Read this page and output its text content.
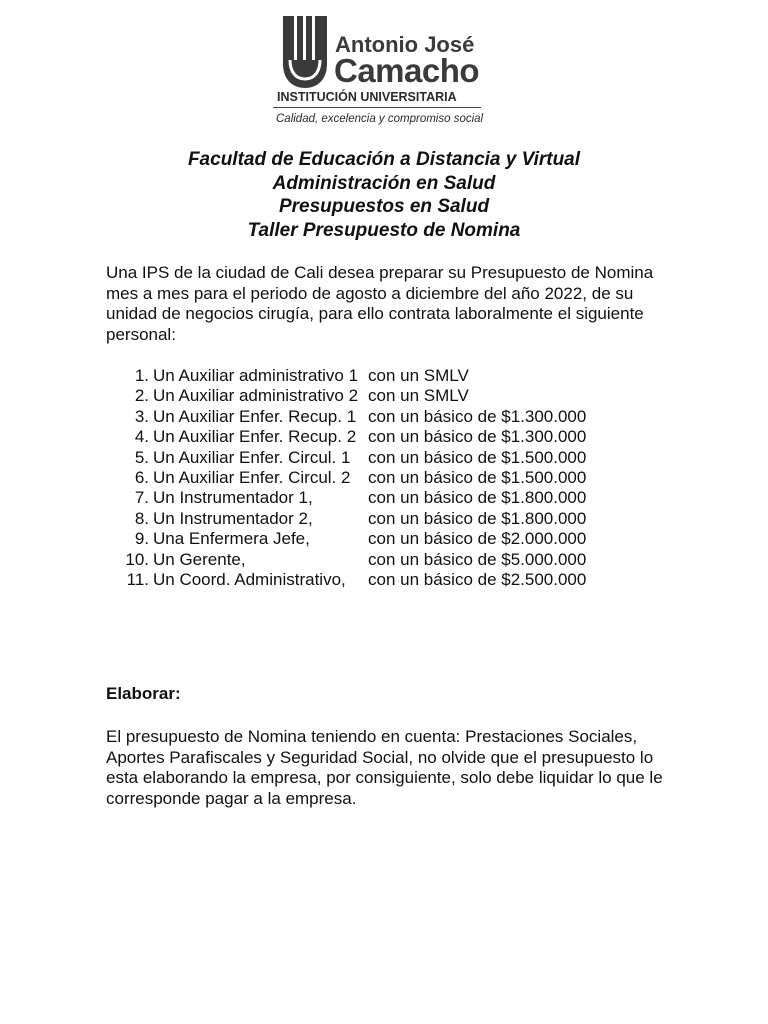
Antonio José
Camacho
INSTITUCIÓN UNIVERSITARIA
Calidad, excelencia y compromiso social
Facultad de Educación a Distancia y Virtual
Administración en Salud
Presupuestos en Salud
Taller Presupuesto de Nomina

Una IPS de la ciudad de Cali desea preparar su Presupuesto de Nomina mes a mes para el periodo de agosto a diciembre del año 2022, de su unidad de negocios cirugía, para ello contrata laboralmente el siguiente personal:

1. Un Auxiliar administrativo 1 con un SMLV
2. Un Auxiliar administrativo 2 con un SMLV
3. Un Auxiliar Enfer. Recup. 1 con un básico de $1.300.000
4. Un Auxiliar Enfer. Recup. 2 con un básico de $1.300.000
5. Un Auxiliar Enfer. Circul. 1 con un básico de $1.500.000
6. Un Auxiliar Enfer. Circul. 2 con un básico de $1.500.000
7. Un Instrumentador 1,	con un básico de $1.800.000
8. Un Instrumentador 2,	con un básico de $1.800.000
9. Una Enfermera Jefe,	con un básico de $2.000.000
10. Un Gerente,	con un básico de $5.000.000
11. Un Coord. Administrativo, con un básico de $2.500.000
Elaborar:

El presupuesto de Nomina teniendo en cuenta: Prestaciones Sociales, Aportes Parafiscales y Seguridad Social, no olvide que el presupuesto lo esta elaborando la empresa, por consiguiente, solo debe liquidar lo que le corresponde pagar a la empresa.
